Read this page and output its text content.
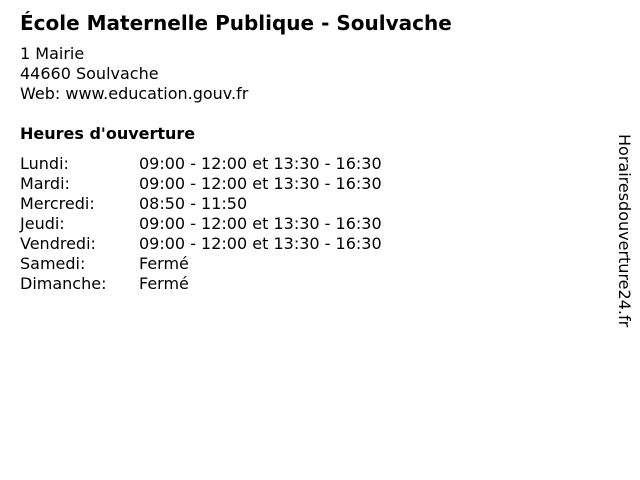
École Maternelle Publique - Soulvache
1 Mairie
44660 Soulvache
Web: www.education.gouv.fr
Heures d'ouverture
Lundi:	09:00 - 12:00 et 13:30 - 16:30
Mardi:	09:00 - 12:00 et 13:30 - 16:30
Mercredi:	08:50 - 11:50
Jeudi:	09:00 - 12:00 et 13:30 - 16:30
Vendredi:	09:00 - 12:00 et 13:30 - 16:30
Samedi:	Fermé
Dimanche: Fermé	Horairesdouverture24.fr
